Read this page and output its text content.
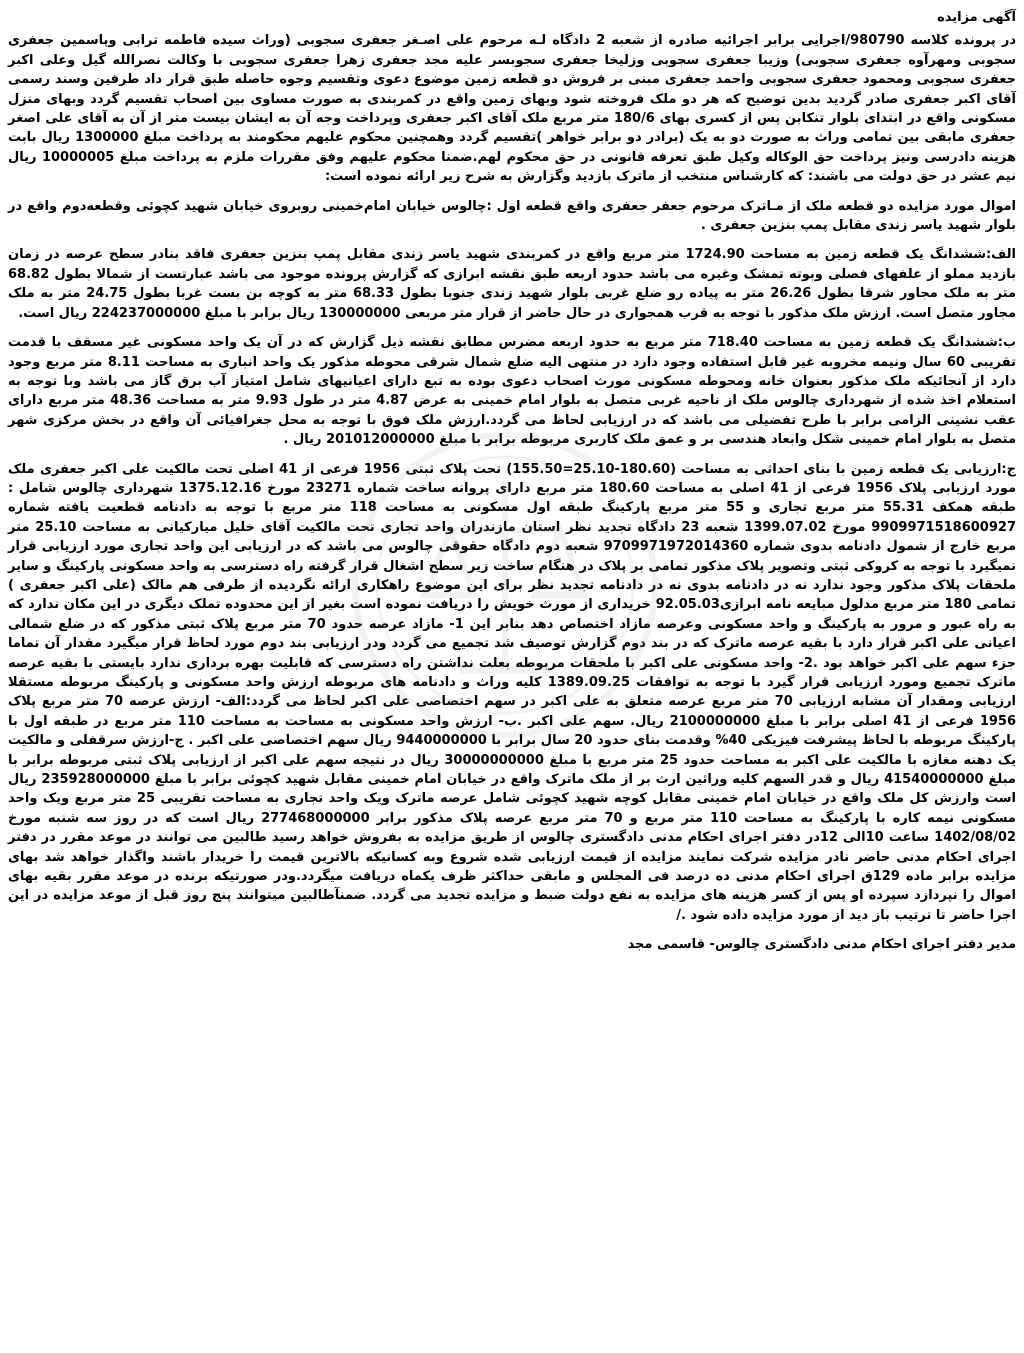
آگهی مزایده

در پرونده کلاسه 980790/اجرایی برابر اجرائیه صادره از شعبه 2 دادگاه لـه مرحوم علی اصـغر جعفری سجوبی (وراث سیده فاطمه ترابی وپاسمین جعفری سجوبی ومهرآوه جعفری سجوبی) وزیبا جعفری سجوبی وزلیخا جعفری سجوبسر علیه مجد جعفری زهرا جعفری سجوبی با وکالت نصرالله گیل وعلی اکبر جعفری سجوبی ومحمود جعفری سجوبی واحمد جعفری مبنی بر فروش دو قطعه زمین موضوع دعوی وتقسیم وجوه حاصله طبق قرار داد طرفین وسند رسمی آقای اکبر جعفری صادر گردید بدین توضیح که هر دو ملک فروخته شود وبهای زمین واقع در کمربندی به صورت مساوی بین اصحاب تقسیم گردد وبهای منزل مسکونی واقع در ابتدای بلوار تنکابن پس از کسری بهای 180/6 متر مربع ملک آقای اکبر جعفری وپرداخت وجه آن به ایشان بیست متر از آن به آقای علی اصغر جعفری مابقی بین تمامی وراث به صورت دو به یک (برادر دو برابر خواهر )تقسیم گردد وهمچنین محکوم علیهم محکومند به پرداخت مبلغ 1300000 ریال بابت هزینه دادرسی ونیز پرداخت حق الوکاله وکیل طبق تعرفه قانونی در حق محکوم لهم.ضمنا محکوم علیهم وفق مقررات ملزم به پرداخت مبلغ 10000005 ریال نیم عشر در حق دولت می باشند: که کارشناس منتخب از ماترک بازدید وگزارش به شرح زیر ارائه نموده است:

اموال مورد مزایده دو قطعه ملک از مـاترک مرحوم جعفر جعفری واقع قطعه اول :چالوس خیابان امام‌خمینی روبروی خیابان شهید کچوئی وقطعه‌دوم واقع در بلوار شهید یاسر زندی مقابل پمپ بنزین جعفری .

الف:ششدانگ یک قطعه زمین به مساحت 1724.90 متر مربع واقع در کمربندی شهید یاسر زندی مقابل پمپ بنزین جعفری فاقد بنادر سطح عرصه در زمان بازدید مملو از علفهای فصلی وبوته تمشک وغیره می باشد حدود اربعه طبق نقشه ابرازی که گزارش پرونده موجود می باشد عبارتست از شمالا بطول 68.82 متر به ملک مجاور شرقا بطول 26.26 متر به پیاده رو ضلع غربی بلوار شهید زندی جنوبا بطول 68.33 متر به کوچه بن بست غربا بطول 24.75 متر به ملک مجاور متصل است. ارزش ملک مذکور با توجه به قرب همجواری در حال حاضر از قرار متر مربعی 130000000 ریال برابر با مبلغ 224237000000 ریال است.

ب:ششدانگ یک قطعه زمین به مساحت 718.40 متر مربع به حدود اربعه مضرس مطابق نقشه ذیل گزارش که در آن یک واحد مسکونی غیر مسقف با قدمت تقریبی 60 سال ونیمه مخروبه غیر قابل استفاده وجود دارد در منتهی الیه ضلع شمال شرقی محوطه مذکور یک واحد انباری به مساحت 8.11 متر مربع وجود دارد از آنجائیکه ملک مذکور بعنوان خانه ومحوطه مسکونی مورث اصحاب دعوی بوده به تبع دارای اعیانیهای شامل امتیاز آب برق گاز می باشد وبا توجه به استعلام اخذ شده از شهرداری چالوس ملک از ناحیه غربی متصل به بلوار امام خمینی به عرض 4.87 متر در طول 9.93 متر به مساحت 48.36 متر مربع دارای عقب نشینی الزامی برابر با طرح تفضیلی می باشد که در ارزیابی لحاظ می گردد.ارزش ملک فوق با توجه به محل جغرافیائی آن واقع در بخش مرکزی شهر متصل به بلوار امام خمینی شکل وابعاد هندسی بر و عمق ملک کاربری مربوطه برابر با مبلغ 201012000000 ریال .

ج:ارزیابی یک قطعه زمین با بنای احداثی به مساحت (180.60-25.10=155.50) تحت پلاک ثبتی 1956 فرعی از 41 اصلی تحت مالکیت علی اکبر جعفری ملک مورد ارزیابی پلاک 1956 فرعی از 41 اصلی به مساحت 180.60 متر مربع دارای پروانه ساخت شماره 23271 مورخ 1375.12.16 شهرداری چالوس شامل : طبقه همکف 55.31 متر مربع تجاری و 55 متر مربع پارکینگ طبقه اول مسکونی به مساحت 118 متر مربع با توجه به دادنامه قطعیت یافته شماره 9909971518600927 مورخ 1399.07.02 شعبه 23 دادگاه تجدید نظر استان مازندران واحد تجاری تحت مالکیت آقای خلیل میارکیانی به مساحت 25.10 متر مربع خارج از شمول دادنامه بدوی شماره 9709971972014360 شعبه دوم دادگاه حقوقی چالوس می باشد که در ارزیابی این واحد تجاری مورد ارزیابی قرار نمیگیرد با توجه به کروکی ثبتی وتصویر پلاک مذکور تمامی بر پلاک در هنگام ساخت زیر سطح اشغال قرار گرفته راه دسترسی به واحد مسکونی پارکینگ و سایر ملحقات پلاک مذکور وجود ندارد نه در دادنامه بدوی نه در دادنامه تجدید نظر برای این موضوع راهکاری ارائه نگردیده از طرفی هم مالک (علی اکبر جعفری ) تمامی 180 متر مربع مدلول مبایعه نامه ابرازی92.05.03 خریداری از مورث خویش را دریافت نموده است بغیر از این محدوده تملک دیگری در این مکان ندارد که به راه عبور و مرور به پارکینگ و واحد مسکونی وعرصه مازاد اختصاص دهد بنابر این 1- مازاد عرصه حدود 70 متر مربع پلاک ثبتی مذکور که در ضلع شمالی اعیانی علی اکبر قرار دارد با بقیه عرصه ماترک که در بند دوم گزارش توصیف شد تجمیع می گردد ودر ارزیابی بند دوم مورد لحاظ قرار میگیرد مقدار آن تماما جزء سهم علی اکبر خواهد بود .2- واحد مسکونی علی اکبر با ملحقات مربوطه بعلت نداشتن راه دسترسی که قابلیت بهره برداری ندارد بایستی با بقیه عرصه ماترک تجمیع ومورد ارزیابی قرار گیرد با توجه به توافقات 1389.09.25 کلیه وراث و دادنامه های مربوطه ارزش واحد مسکونی و پارکینگ مربوطه مستقلا ارزیابی ومقدار آن مشابه ارزیابی 70 متر مربع عرصه متعلق به علی اکبر در سهم اختصاصی علی اکبر لحاظ می گردد:الف- ارزش عرصه 70 متر مربع پلاک 1956 فرعی از 41 اصلی برابر با مبلغ 2100000000 ریال. سهم علی اکبر .ب- ارزش واحد مسکونی به مساحت به مساحت 110 متر مربع در طبقه اول با پارکینگ مربوطه با لحاظ پیشرفت فیزیکی 40% وقدمت بنای حدود 20 سال برابر با 9440000000 ریال سهم اختصاصی علی اکبر . ج-ارزش سرقفلی و مالکیت یک دهنه مغازه با مالکیت علی اکبر به مساحت حدود 25 متر مربع با مبلغ 30000000000 ریال در نتیجه سهم علی اکبر از ارزیابی پلاک ثبتی مربوطه برابر با مبلغ 41540000000 ریال و قدر السهم کلیه وراثین ارث بر از ملک ماترک واقع در خیابان امام خمینی مقابل شهید کچوئی برابر با مبلغ 235928000000 ریال است وارزش کل ملک واقع در خیابان امام خمینی مقابل کوچه شهید کچوئی شامل عرصه ماترک ویک واحد تجاری به مساحت تقریبی 25 متر مربع ویک واحد مسکونی نیمه کاره با پارکینگ به مساحت 110 متر مربع و 70 متر مربع عرصه پلاک مذکور برابر 277468000000 ریال است که در روز سه شنبه مورخ 1402/08/02 ساعت 10الی 12در دفتر اجرای احکام مدنی دادگستری چالوس از طریق مزایده به بفروش خواهد رسید طالبین می توانند در موعد مقرر در دفتر اجرای احکام مدنی حاضر نادر مزایده شرکت نمایند مزایده از قیمت ارزیابی شده شروع وبه کسانیکه بالاترین قیمت را خریدار باشند واگذار خواهد شد بهای مزایده برابر ماده 129ق اجرای احکام مدنی ده درصد فی المجلس و مابقی حداکثر ظرف یکماه دریافت میگردد.ودر صورتیکه برنده در موعد مقرر بقیه بهای اموال را نپردازد سپرده او پس از کسر هزینه های مزایده به نفع دولت ضبط و مزایده تجدید می گردد. ضمنآطالبین میتوانند پنج روز قبل از موعد مزایده در این اجرا حاضر تا ترتیب باز دید از مورد مزایده داده شود ./

مدیر دفتر اجرای احکام مدنی دادگستری چالوس- قاسمی مجد
